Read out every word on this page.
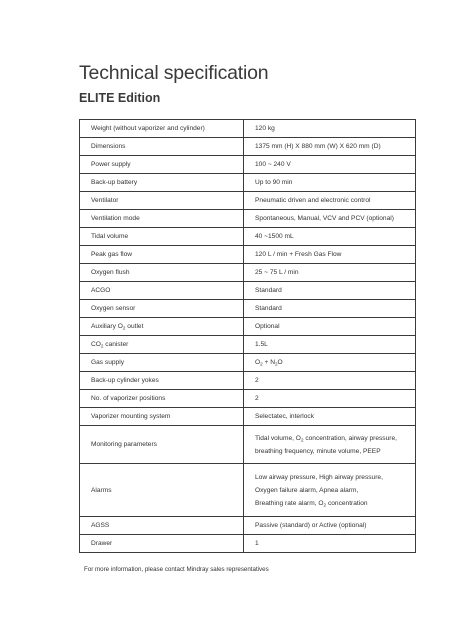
Technical specification
ELITE Edition
Weight (without vaporizer and cylinder)	120 kg
Dimensions	1375 mm (H) X 880 mm (W) X 620 mm (D)
Power supply	100 ~ 240 V
Back-up battery	Up to 90 min
Ventilator	Pneumatic driven and electronic control
Ventilation mode	Spontaneous, Manual, VCV and PCV (optional)
Tidal volume	40 ~1500 mL
Peak gas flow	120 L / min + Fresh Gas Flow
Oxygen flush	25 ~ 75 L / min
ACGO	Standard
Oxygen sensor	Standard
Auxiliary $O_2$ outlet	Optional
$CO_2$ canister	1.5L
Gas supply	$O_2 + N_2O$
Back-up cylinder yokes	2
No. of vaporizer positions	2
Vaporizer mounting system	Selectatec, interlock
Monitoring parameters	Tidal volume, $O_2$ concentration, airway pressure,
breathing frequency, minute volume, PEEP

Alarms	Low airway pressure, High airway pressure,
Oxygen failure alarm, Apnea alarm,
Breathing rate alarm, $O_2$ concentration

AGSS	Passive (standard) or Active (optional)
Drawer	1

For more information, please contact Mindray sales representatives
